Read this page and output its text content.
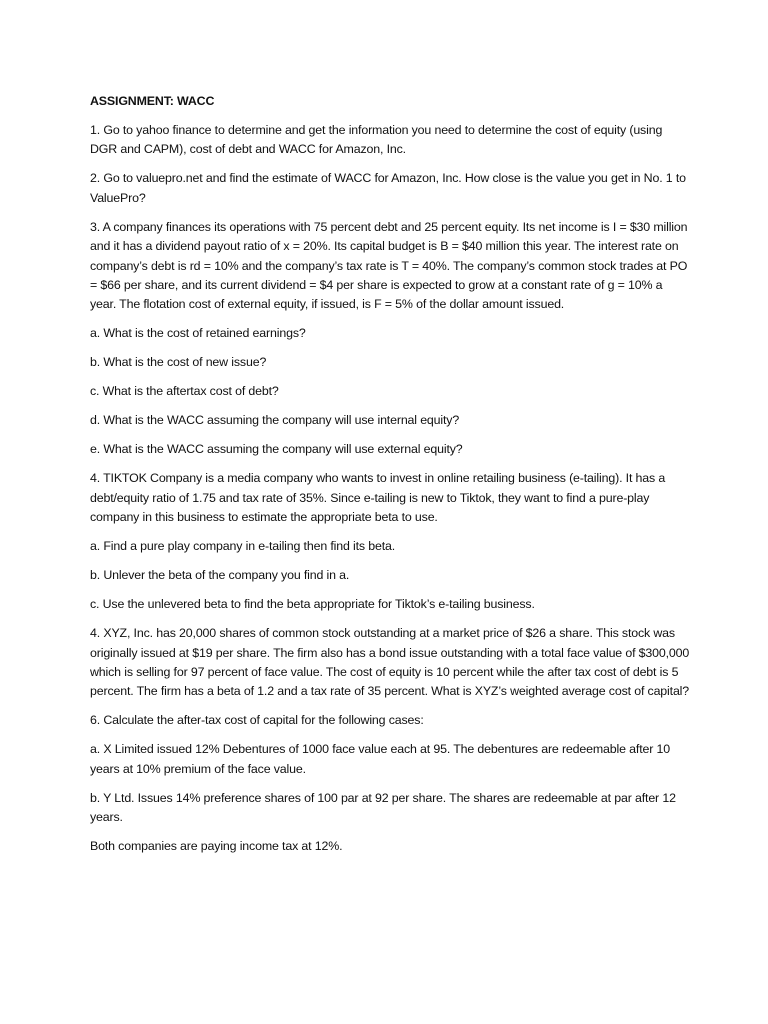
ASSIGNMENT: WACC

1. Go to yahoo finance to determine and get the information you need to determine the cost of equity (using DGR and CAPM), cost of debt and WACC for Amazon, Inc.

2. Go to valuepro.net and find the estimate of WACC for Amazon, Inc. How close is the value you get in No. 1 to ValuePro?

3. A company finances its operations with 75 percent debt and 25 percent equity. Its net income is I = $30 million and it has a dividend payout ratio of x = 20%. Its capital budget is B = $40 million this year. The interest rate on company’s debt is rd = 10% and the company’s tax rate is T = 40%. The company’s common stock trades at PO = $66 per share, and its current dividend = $4 per share is expected to grow at a constant rate of g = 10% a year. The flotation cost of external equity, if issued, is F = 5% of the dollar amount issued.

a. What is the cost of retained earnings?

b. What is the cost of new issue?

c. What is the aftertax cost of debt?

d. What is the WACC assuming the company will use internal equity?

e. What is the WACC assuming the company will use external equity?

4. TIKTOK Company is a media company who wants to invest in online retailing business (e-tailing). It has a debt/equity ratio of 1.75 and tax rate of 35%. Since e-tailing is new to Tiktok, they want to find a pure-play company in this business to estimate the appropriate beta to use.

a. Find a pure play company in e-tailing then find its beta.

b. Unlever the beta of the company you find in a.

c. Use the unlevered beta to find the beta appropriate for Tiktok’s e-tailing business.

4. XYZ, Inc. has 20,000 shares of common stock outstanding at a market price of $26 a share. This stock was originally issued at $19 per share. The firm also has a bond issue outstanding with a total face value of $300,000 which is selling for 97 percent of face value. The cost of equity is 10 percent while the after tax cost of debt is 5 percent. The firm has a beta of 1.2 and a tax rate of 35 percent. What is XYZ’s weighted average cost of capital?

6. Calculate the after-tax cost of capital for the following cases:

a. X Limited issued 12% Debentures of 1000 face value each at 95. The debentures are redeemable after 10 years at 10% premium of the face value.

b. Y Ltd. Issues 14% preference shares of 100 par at 92 per share. The shares are redeemable at par after 12 years.

Both companies are paying income tax at 12%.
